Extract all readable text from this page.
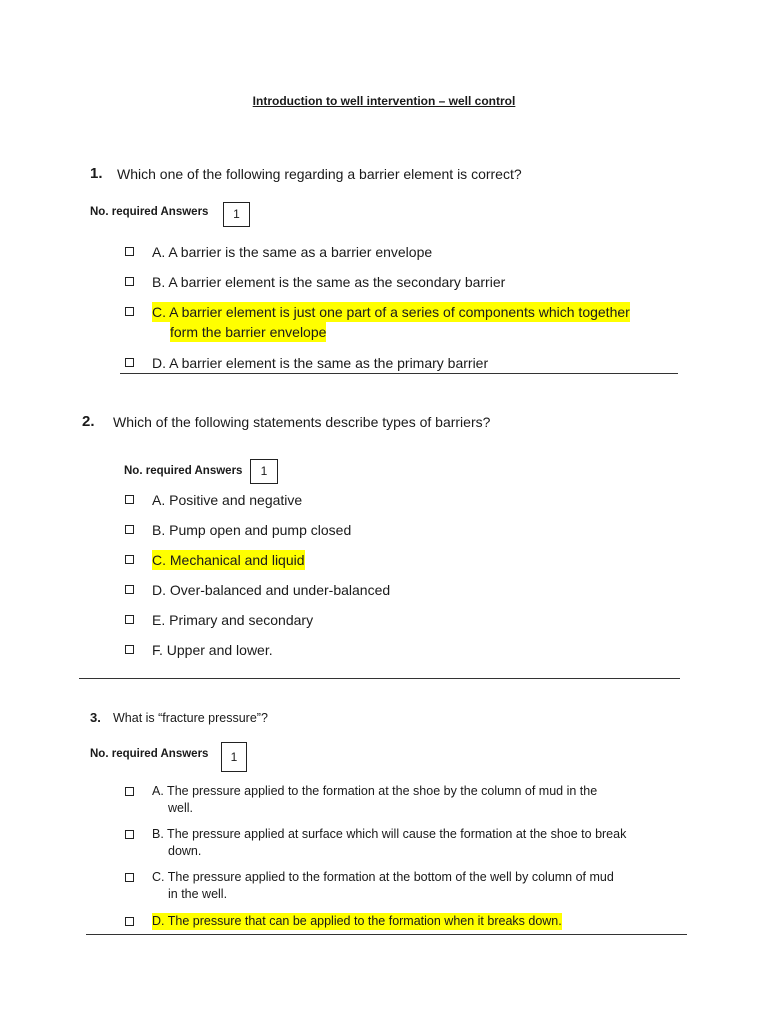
Introduction to well intervention – well control
1. Which one of the following regarding a barrier element is correct?
No. required Answers	1
A. A barrier is the same as a barrier envelope
B. A barrier element is the same as the secondary barrier
C. A barrier element is just one part of a series of components which together
form the barrier envelope
D. A barrier element is the same as the primary barrier
2. Which of the following statements describe types of barriers?
No. required Answers	1
A. Positive and negative
B. Pump open and pump closed
C. Mechanical and liquid
D. Over-balanced and under-balanced
E. Primary and secondary
F. Upper and lower.
3. What is “fracture pressure”?
No. required Answers	1
A. The pressure applied to the formation at the shoe by the column of mud in the
well.
B. The pressure applied at surface which will cause the formation at the shoe to break
down.
C. The pressure applied to the formation at the bottom of the well by column of mud
in the well.
D. The pressure that can be applied to the formation when it breaks down.
